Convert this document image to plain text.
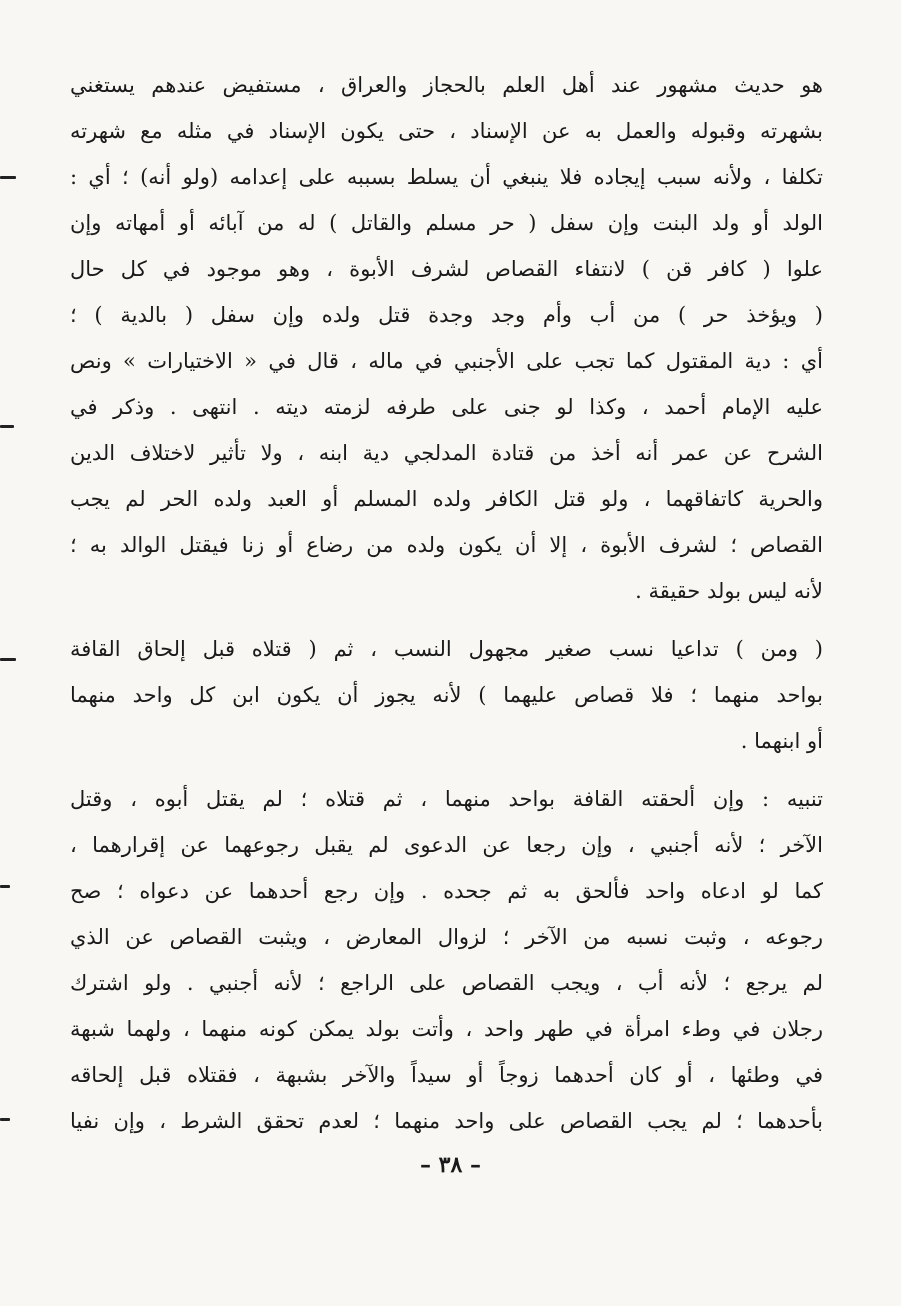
هو حديث مشهور عند أهل العلم بالحجاز والعراق ، مستفيض عندهم يستغني
بشهرته وقبوله والعمل به عن الإسناد ، حتى يكون الإسناد في مثله مع شهرته
تكلفا ، ولأنه سبب إيجاده فلا ينبغي أن يسلط بسببه على إعدامه (ولو أنه) ؛ أي :
الولد أو ولد البنت وإن سفل ( حر مسلم والقاتل ) له من آبائه أو أمهاته وإن
علوا ( كافر قن ) لانتفاء القصاص لشرف الأبوة ، وهو موجود في كل حال
( ويؤخذ حر ) من أب وأم وجد وجدة قتل ولده وإن سفل ( بالدية ) ؛
أي : دية المقتول كما تجب على الأجنبي في ماله ، قال في « الاختيارات » ونص
عليه الإمام أحمد ، وكذا لو جنى على طرفه لزمته ديته . انتهى . وذكر في
الشرح عن عمر أنه أخذ من قتادة المدلجي دية ابنه ، ولا تأثير لاختلاف الدين
والحرية كاتفاقهما ، ولو قتل الكافر ولده المسلم أو العبد ولده الحر لم يجب
القصاص ؛ لشرف الأبوة ، إلا أن يكون ولده من رضاع أو زنا فيقتل الوالد به ؛
لأنه ليس بولد حقيقة .
( ومن ) تداعيا نسب صغير مجهول النسب ، ثم ( قتلاه قبل إلحاق القافة
بواحد منهما ؛ فلا قصاص عليهما ) لأنه يجوز أن يكون ابن كل واحد منهما
أو ابنهما .
تنبيه : وإن ألحقته القافة بواحد منهما ، ثم قتلاه ؛ لم يقتل أبوه ، وقتل
الآخر ؛ لأنه أجنبي ، وإن رجعا عن الدعوى لم يقبل رجوعهما عن إقرارهما ،
كما لو ادعاه واحد فألحق به ثم جحده . وإن رجع أحدهما عن دعواه ؛ صح
رجوعه ، وثبت نسبه من الآخر ؛ لزوال المعارض ، ويثبت القصاص عن الذي
لم يرجع ؛ لأنه أب ، ويجب القصاص على الراجع ؛ لأنه أجنبي . ولو اشترك
رجلان في وطء امرأة في طهر واحد ، وأتت بولد يمكن كونه منهما ، ولهما شبهة
في وطئها ، أو كان أحدهما زوجاً أو سيداً والآخر بشبهة ، فقتلاه قبل إلحاقه
بأحدهما ؛ لم يجب القصاص على واحد منهما ؛ لعدم تحقق الشرط ، وإن نفيا
– ٣٨ –
